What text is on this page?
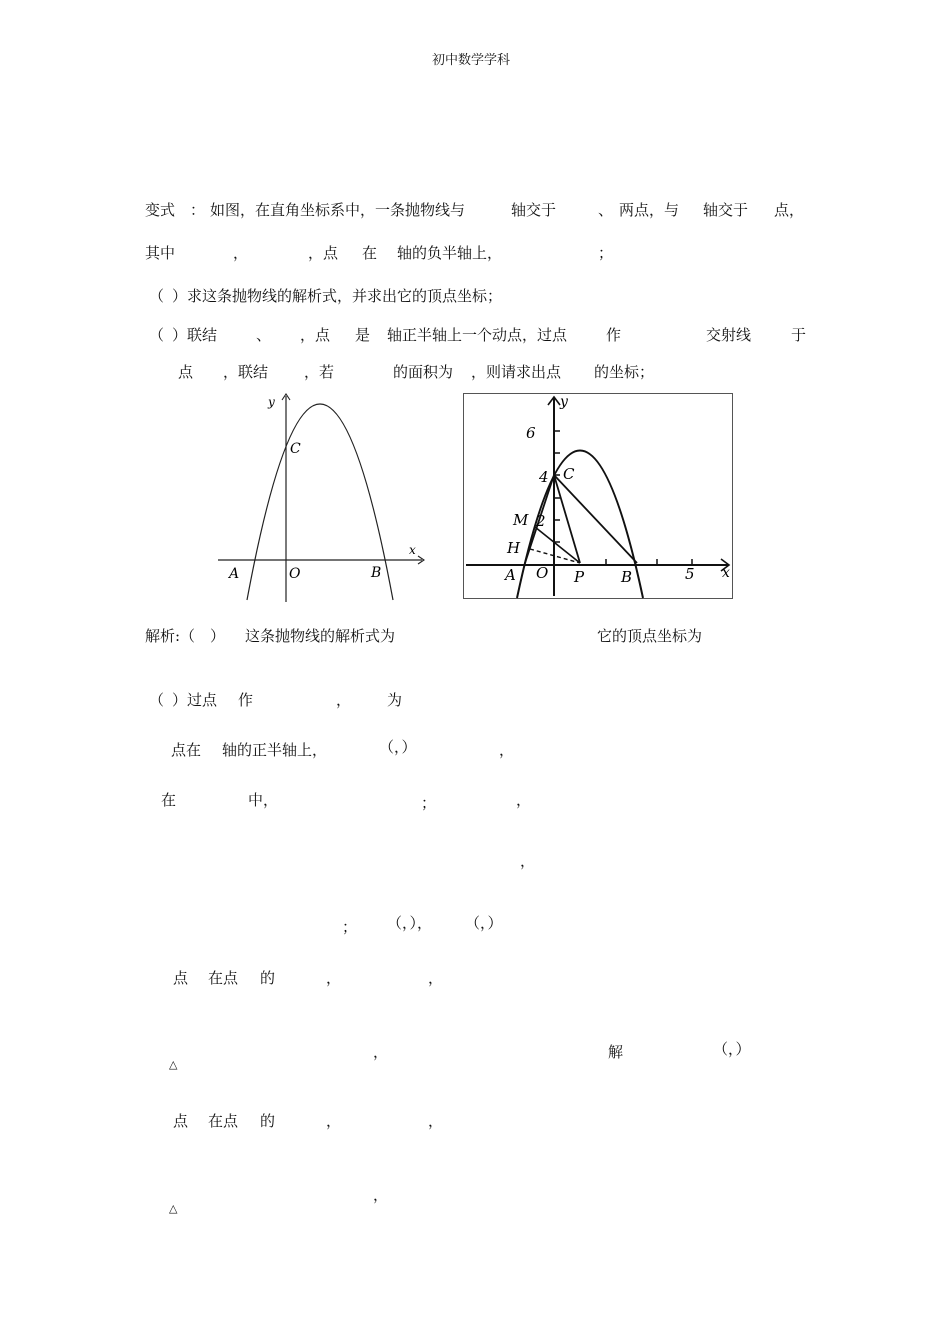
初中数学学科
变式 ： 如图，在直角坐标系中，一条抛物线与	轴交于	、 两点，与 轴交于 点，
其中	，	，点 在 轴的负半轴上，	；
（ ）求这条抛物线的解析式，并求出它的顶点坐标；
（ ）联结	、 ，点 是 轴正半轴上一个动点，过点	作	交射线	于
点 ，联结 ，若	的面积为 ，则请求出点 的坐标；
y
x
C
A	O	B
6
4
2
5
y
x
C
M
H
A O P B
解析:（ ） 这条抛物线的解析式为	它的顶点坐标为
（ ）过点 作	， 为
点在 轴的正半轴上，	（，）	，
在	中，	；	，
，
； （，）， （，）
点 在点 的	，	，
△
，	解	（，）
点 在点 的	，	，
△
，
